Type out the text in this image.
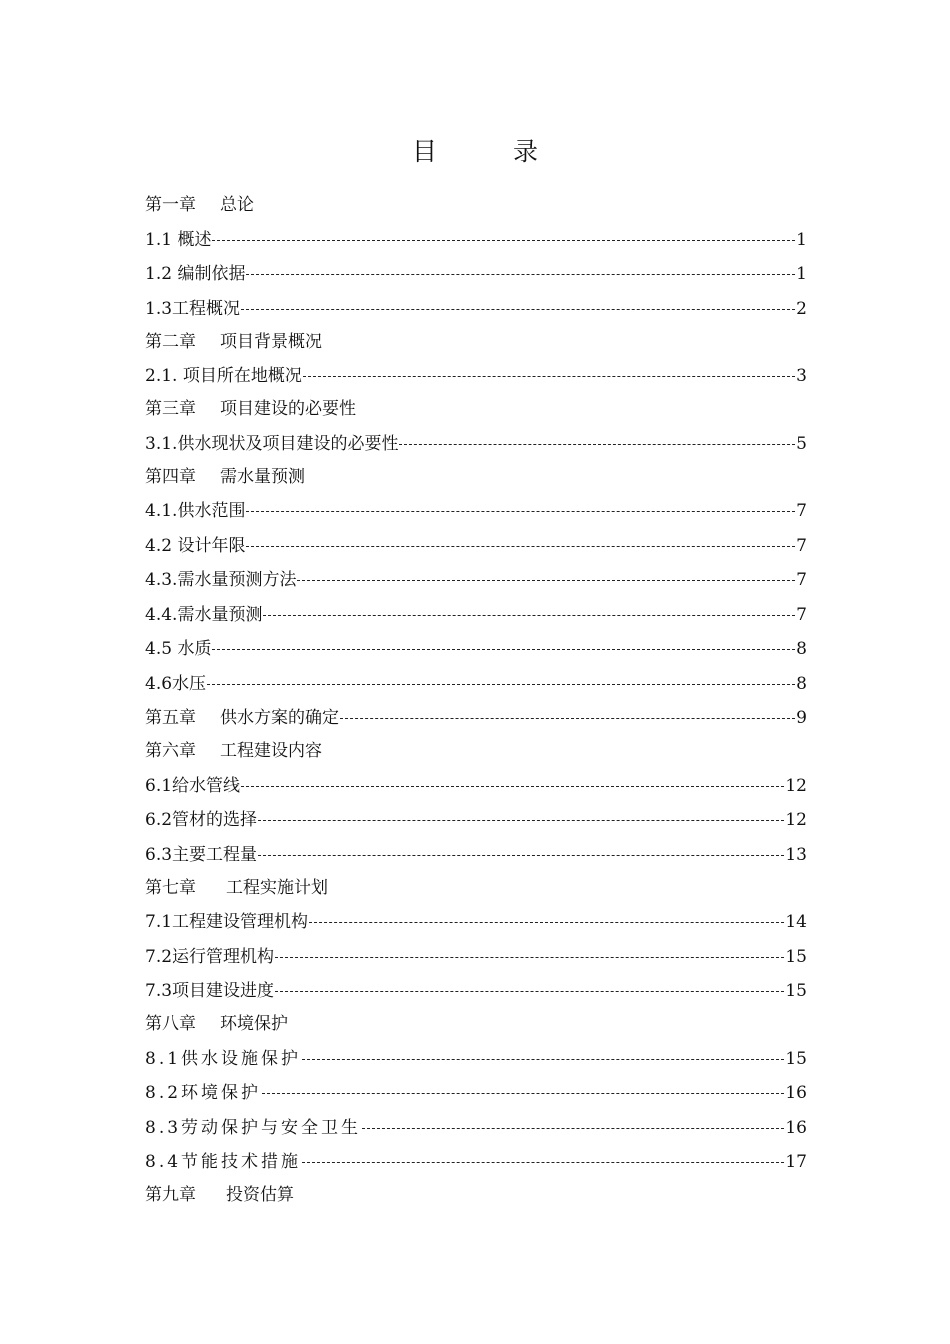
目 录
第一章 总论
1.1 概述	1
1.2 编制依据	1
1.3工程概况	2
第二章 项目背景概况
2.1. 项目所在地概况	3
第三章 项目建设的必要性
3.1.供水现状及项目建设的必要性	5
第四章 需水量预测
4.1.供水范围	7
4.2 设计年限	7
4.3.需水量预测方法	7
4.4.需水量预测	7
4.5 水质	8
4.6水压	8
第五章 供水方案的确定	9
第六章 工程建设内容
6.1给水管线	12
6.2管材的选择	12
6.3主要工程量	13
第七章 工程实施计划
7.1工程建设管理机构	14
7.2运行管理机构	15
7.3项目建设进度	15
第八章 环境保护
8.1供水设施保护	15
8.2环境保护	16
8.3劳动保护与安全卫生	16
8.4节能技术措施	17
第九章 投资估算
